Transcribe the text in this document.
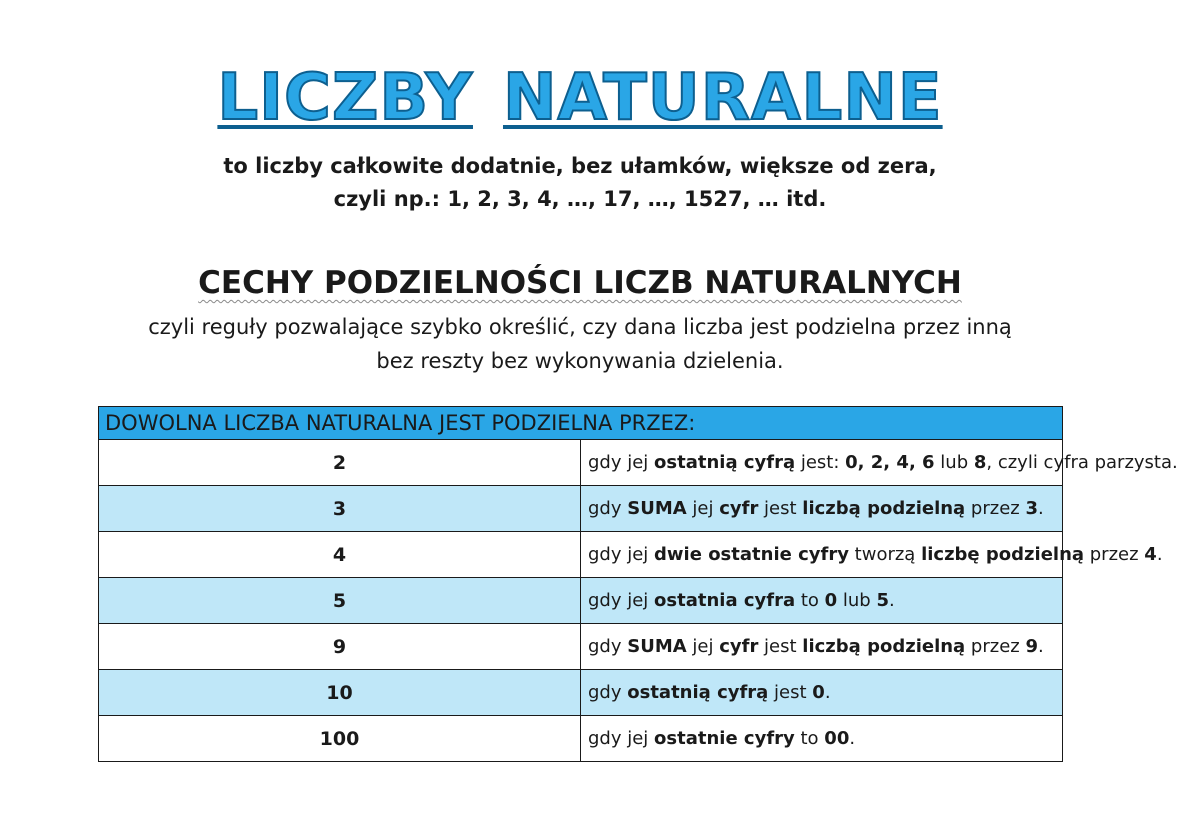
LICZBY NATURALNE
to liczby całkowite dodatnie, bez ułamków, większe od zera,
czyli np.: 1, 2, 3, 4, …, 17, …, 1527, … itd.
CECHY PODZIELNOŚCI LICZB NATURALNYCH
czyli reguły pozwalające szybko określić, czy dana liczba jest podzielna przez inną
bez reszty bez wykonywania dzielenia.
DOWOLNA LICZBA NATURALNA JEST PODZIELNA PRZEZ:	
2	gdy jej ostatnią cyfrą jest: 0, 2, 4, 6 lub 8, czyli cyfra parzysta.
3	gdy SUMA jej cyfr jest liczbą podzielną przez 3.
4	gdy jej dwie ostatnie cyfry tworzą liczbę podzielną przez 4.
5	gdy jej ostatnia cyfra to 0 lub 5.
9	gdy SUMA jej cyfr jest liczbą podzielną przez 9.
10	gdy ostatnią cyfrą jest 0.
100	gdy jej ostatnie cyfry to 00.
